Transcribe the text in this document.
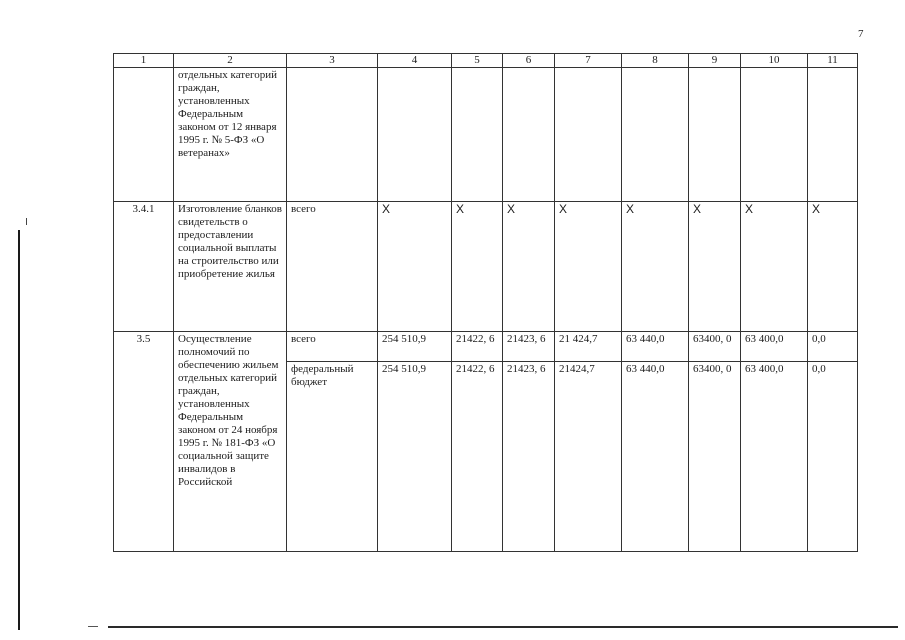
7
1	2	3	4	5	6	7	8	9	10	11
	отдельных категорий граждан, установленных Федеральным законом от 12 января 1995 г. № 5-ФЗ «О ветеранах»									
3.4.1	Изготовление бланков свидетельств о предоставлении социальной выплаты на строительство или приобретение жилья	всего	Х	Х	Х	Х	Х	Х	Х	Х
3.5	Осуществление полномочий по обеспечению жильем отдельных категорий граждан, установленных Федеральным законом от 24 ноября 1995 г. № 181-ФЗ «О социальной защите инвалидов в Российской	всего	254 510,9	21422, 6	21423, 6	21 424,7	63 440,0	63400, 0	63 400,0	0,0
		федеральный бюджет	254 510,9	21422, 6	21423, 6	21424,7	63 440,0	63400, 0	63 400,0	0,0
